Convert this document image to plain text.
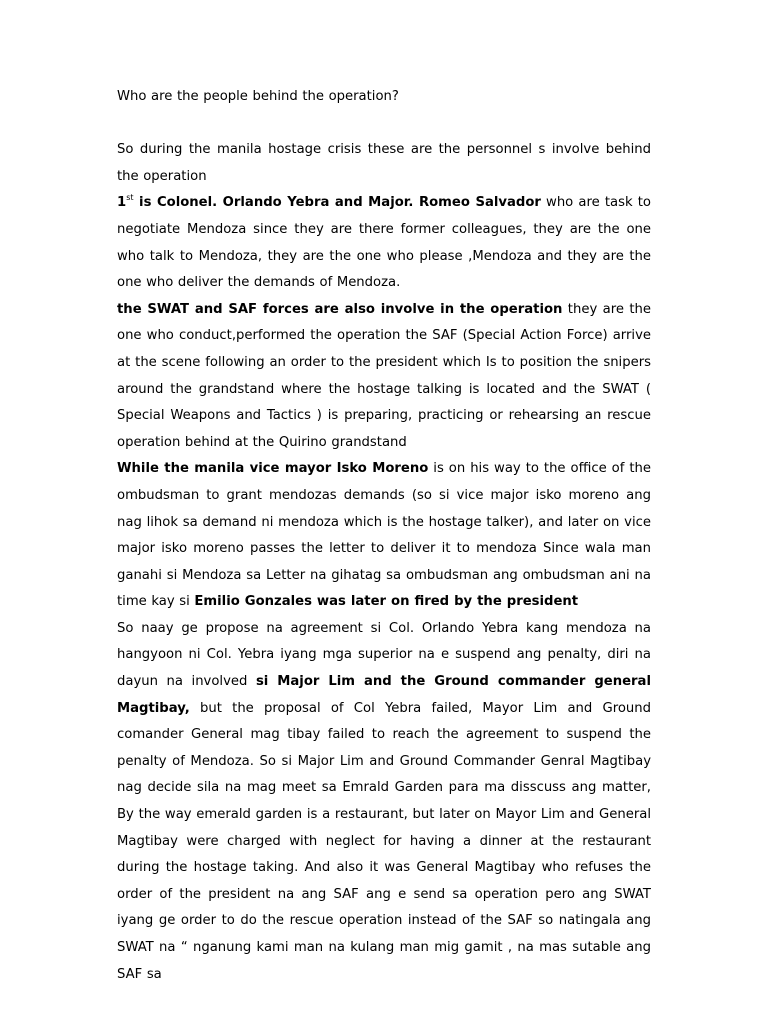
Who are the people behind the operation?

So during the manila hostage crisis these are the personnel s involve behind the operation

1st is Colonel. Orlando Yebra and Major. Romeo Salvador who are task to negotiate Mendoza since they are there former colleagues, they are the one who talk to Mendoza, they are the one who please ,Mendoza and they are the one who deliver the demands of Mendoza.

the SWAT and SAF forces are also involve in the operation they are the one who conduct,performed the operation the SAF (Special Action Force) arrive at the scene following an order to the president which Is to position the snipers around the grandstand where the hostage talking is located and the SWAT ( Special Weapons and Tactics ) is preparing, practicing or rehearsing an rescue operation behind at the Quirino grandstand

While the manila vice mayor Isko Moreno is on his way to the office of the ombudsman to grant mendozas demands (so si vice major isko moreno ang nag lihok sa demand ni mendoza which is the hostage talker), and later on vice major isko moreno passes the letter to deliver it to mendoza Since wala man ganahi si Mendoza sa Letter na gihatag sa ombudsman ang ombudsman ani na time kay si Emilio Gonzales was later on fired by the president

So naay ge propose na agreement si Col. Orlando Yebra kang mendoza na hangyoon ni Col. Yebra iyang mga superior na e suspend ang penalty, diri na dayun na involved si Major Lim and the Ground commander general Magtibay, but the proposal of Col Yebra failed, Mayor Lim and Ground comander General mag tibay failed to reach the agreement to suspend the penalty of Mendoza. So si Major Lim and Ground Commander Genral Magtibay nag decide sila na mag meet sa Emrald Garden para ma disscuss ang matter, By the way emerald garden is a restaurant, but later on Mayor Lim and General Magtibay were charged with neglect for having a dinner at the restaurant during the hostage taking. And also it was General Magtibay who refuses the order of the president na ang SAF ang e send sa operation pero ang SWAT iyang ge order to do the rescue operation instead of the SAF so natingala ang SWAT na “ nganung kami man na kulang man mig gamit , na mas sutable ang SAF sa
